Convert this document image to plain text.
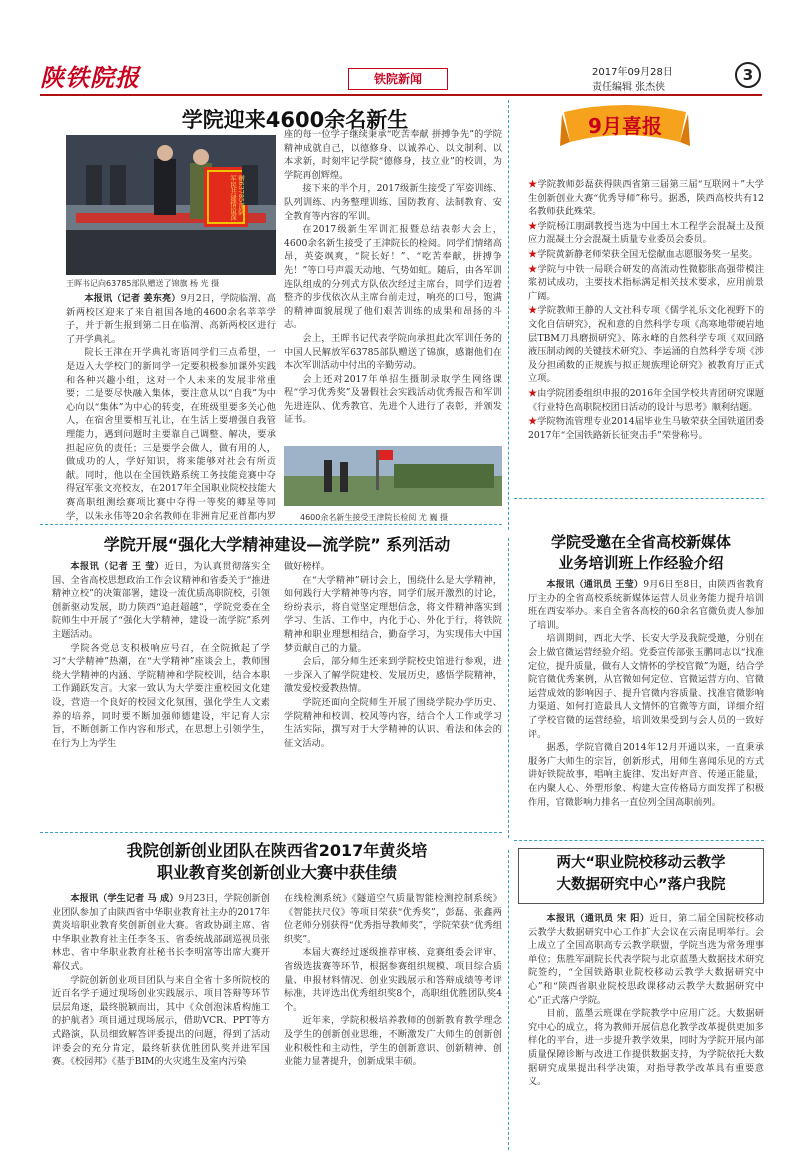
陕铁院报	铁院新闻	2017年09月28日
责任编辑 张杰侠
3
学院迎来4600余名新生
赠63785部队 军民共建情谊深
王晖书记向63785部队赠送了锦旗 杨 光 摄

本报讯（记者 姜东亮）9月2日，学院临渭、高新两校区迎来了来自祖国各地的4600余名莘莘学子，并于新生报到第二日在临渭、高新两校区进行了开学典礼。

院长王津在开学典礼寄语同学们三点希望，一是迈入大学校门的新同学一定要积极参加课外实践和各种兴趣小组，这对一个人未来的发展非常重要；二是要尽快融入集体，要注意从以“自我”为中心向以“集体”为中心的转变，在班级里要多关心他人，在宿舍里要相互礼让，在生活上要增强自我管理能力，遇到问题时主要靠自己调整、解决，要承担起应负的责任；三是要学会做人，做有用的人，做成功的人，学好知识，将来能够对社会有所贡献。同时，他以在全国铁路系统工务技能竞赛中夺得冠军张文亮校友，在2017年全国职业院校技能大赛高职组测绘赛项比赛中夺得一等奖的卿星等同学，以朱永伟等20余名教师在非洲肯尼亚首都内罗

座的每一位学子继续秉承“吃苦奉献 拼搏争先”的学院精神成就自己，以德修身、以诚养心、以文制利、以本求新，时刻牢记学院“德修身，技立业”的校训，为学院再创辉煌。

接下来的半个月，2017级新生接受了军姿训练、队列训练、内务整理训练、国防教育、法制教育、安全教育等内容的军训。

在2017级新生军训汇报暨总结表彰大会上，4600余名新生接受了王津院长的检阅。同学们情绪高昂，英姿飒爽，“院长好！”、“吃苦奉献，拼搏争先！”等口号声震天动地、气势如虹。随后，由各军训连队组成的分列式方队依次经过主席台，同学们迈着整齐的步伐依次从主席台前走过，响亮的口号，饱满的精神面貌展现了他们艰苦训练的成果和昂扬的斗志。

会上，王晖书记代表学院向承担此次军训任务的中国人民解放军63785部队赠送了锦旗，感谢他们在本次军训活动中付出的辛勤劳动。

会上还对2017年单招生摄制录取学生网络课程“学习优秀奖”及暑假社会实践活动优秀报告和军训先进连队、优秀教官、先进个人进行了表彰，并颁发证书。

4600余名新生接受王津院长检阅 尤 巍 摄
学院开展“强化大学精神建设—流学院” 系列活动

本报讯（记者 王 莹）近日，为认真贯彻落实全国、全省高校思想政治工作会议精神和省委关于“推进精神立校”的决策部署，建设一流优质高职院校，引领创新驱动发展，助力陕西“追赶超越”，学院党委在全院师生中开展了“强化大学精神，建设一流学院”系列主题活动。

学院各党总支积极响应号召，在全院掀起了学习“大学精神”热潮，在“大学精神”座谈会上，教师围绕大学精神的内涵、学院精神和学院校训，结合本职工作踊跃发言。大家一致认为大学要注重校园文化建设，营造一个良好的校园文化氛围，强化学生人文素养的培养，同时要不断加强师德建设，牢记育人宗旨，不断创新工作内容和形式，在思想上引领学生，在行为上为学生

做好榜样。

在“大学精神”研讨会上，围绕什么是大学精神，如何践行大学精神等内容，同学们展开激烈的讨论，纷纷表示，将自觉坚定理想信念，将文件精神落实到学习、生活、工作中，内化于心、外化于行，将铁院精神和职业理想相结合，勤奋学习，为实现伟大中国梦贡献自己的力量。

会后，部分师生还来到学院校史馆进行参观，进一步深入了解学院建校、发展历史，感悟学院精神，激发爱校爱教热情。

学院还面向全院师生开展了围绕学院办学历史、学院精神和校训、校风等内容，结合个人工作或学习生活实际，撰写对于大学精神的认识、看法和体会的征文活动。

我院创新创业团队在陕西省2017年黄炎培
职业教育奖创新创业大赛中获佳绩

本报讯（学生记者 马 成）9月23日，学院创新创业团队参加了由陕西省中华职业教育社主办的2017年黄炎培职业教育奖创新创业大赛。省政协副主席、省中华职业教育社主任李冬玉、省委统战部副巡视员张林忠、省中华职业教育社秘书长李明富等出席大赛开幕仪式。

学院创新创业项目团队与来自全省十多所院校的近百名学子通过现场创业实践展示、项目答辩等环节层层角逐，最终脱颖而出，其中《众创泡沫盾构施工的护航者》项目通过现场展示，借助VCR、PPT等方式路演，队员细致解答评委提出的问题，得到了活动评委会的充分肯定，最终斩获优胜团队奖并进军国赛。《校园邦》《基于BIM的火灾逃生及室内污染

在线检测系统》《隧道空气质量智能检测控制系统》《智能扶尺仪》等项目荣获“优秀奖”，彭磊、张鑫两位老师分别获得“优秀指导教师奖”，学院荣获“优秀组织奖”。

本届大赛经过逐级推荐审核、竞赛组委会评审、省级选拔赛等环节，根据参赛组织规模、项目综合质量、申报材料情况、创业实践展示和答辩成绩等考评标准，共评选出优秀组织奖8个，高职组优胜团队奖4个。

近年来，学院积极培养教师的创新教育教学理念及学生的创新创业思维，不断激发广大师生的创新创业积极性和主动性，学生的创新意识、创新精神、创业能力显著提升，创新成果丰硕。

9月喜报
★学院教师彭磊获得陕西省第三届第三届“互联网＋”大学生创新创业大赛“优秀导师”称号。据悉，陕西高校共有12名教师获此殊荣。
★学院杨江朋副教授当选为中国土木工程学会混凝土及预应力混凝土分会混凝土质量专业委员会委员。
★学院黄新静老师荣获全国无偿献血志愿服务奖一星奖。
★学院与中铁一局联合研发的高流动性微膨胀高强带模注浆初试成功，主要技术指标满足相关技术要求，应用前景广阔。
★学院教师王静的人文社科专项《儒学礼乐文化视野下的文化自信研究》，祝和意的自然科学专项《高寒地带硬岩地层TBM刀具磨损研究》、陈永峰的自然科学专项《双回路液压制动阀的关键技术研究》、李运涌的自然科学专项《涉及分担函数的正规族与拟正规族理论研究》被教育厅正式立项。
★由学院团委组织申报的2016年全国学校共青团研究课题《行业特色高职院校团日活动的设计与思考》顺利结题。
★学院物流管理专业2014届毕业生马敏荣获全国铁道团委2017年“全国铁路新长征突击手”荣誉称号。
学院受邀在全省高校新媒体
业务培训班上作经验介绍

本报讯（通讯员 王莹）9月6日至8日，由陕西省教育厅主办的全省高校系统新媒体运营人员业务能力提升培训班在西安举办。来自全省各高校的60余名官微负责人参加了培训。

培训期间，西北大学、长安大学及我院受邀，分别在会上做官微运营经验介绍。党委宣传部张玉鹏同志以“找准定位，提升质量，做有人文情怀的学校官微”为题，结合学院官微优秀案例，从官微如何定位、官微运营方向、官微运营成效的影响因子、提升官微内容质量、找准官微影响力渠道、如何打造最具人文情怀的官微等方面，详细介绍了学校官微的运营经验，培训效果受到与会人员的一致好评。

据悉，学院官微自2014年12月开通以来，一直秉承服务广大师生的宗旨，创新形式，用师生喜闻乐见的方式讲好铁院故事，唱响主旋律、发出好声音、传递正能量，在内聚人心、外塑形象、构建大宣传格局方面发挥了积极作用，官微影响力排名一直位列全国高职前列。

两大“职业院校移动云教学
大数据研究中心”落户我院

本报讯（通讯员 宋 阳）近日，第二届全国院校移动云教学大数据研究中心工作扩大会议在云南昆明举行。会上成立了全国高职高专云教学联盟，学院当选为常务理事单位；焦胜军副院长代表学院与北京蓝墨大数据技术研究院签约，“全国铁路职业院校移动云教学大数据研究中心”和“陕西省职业院校思政课移动云教学大数据研究中心”正式落户学院。

目前，蓝墨云班课在学院教学中应用广泛。大数据研究中心的成立，将为教师开展信息化教学改革提供更加多样化的平台，进一步提升教学效果，同时为学院开展内部质量保障诊断与改进工作提供数据支持，为学院依托大数据研究成果提出科学决策，对指导教学改革具有重要意义。
